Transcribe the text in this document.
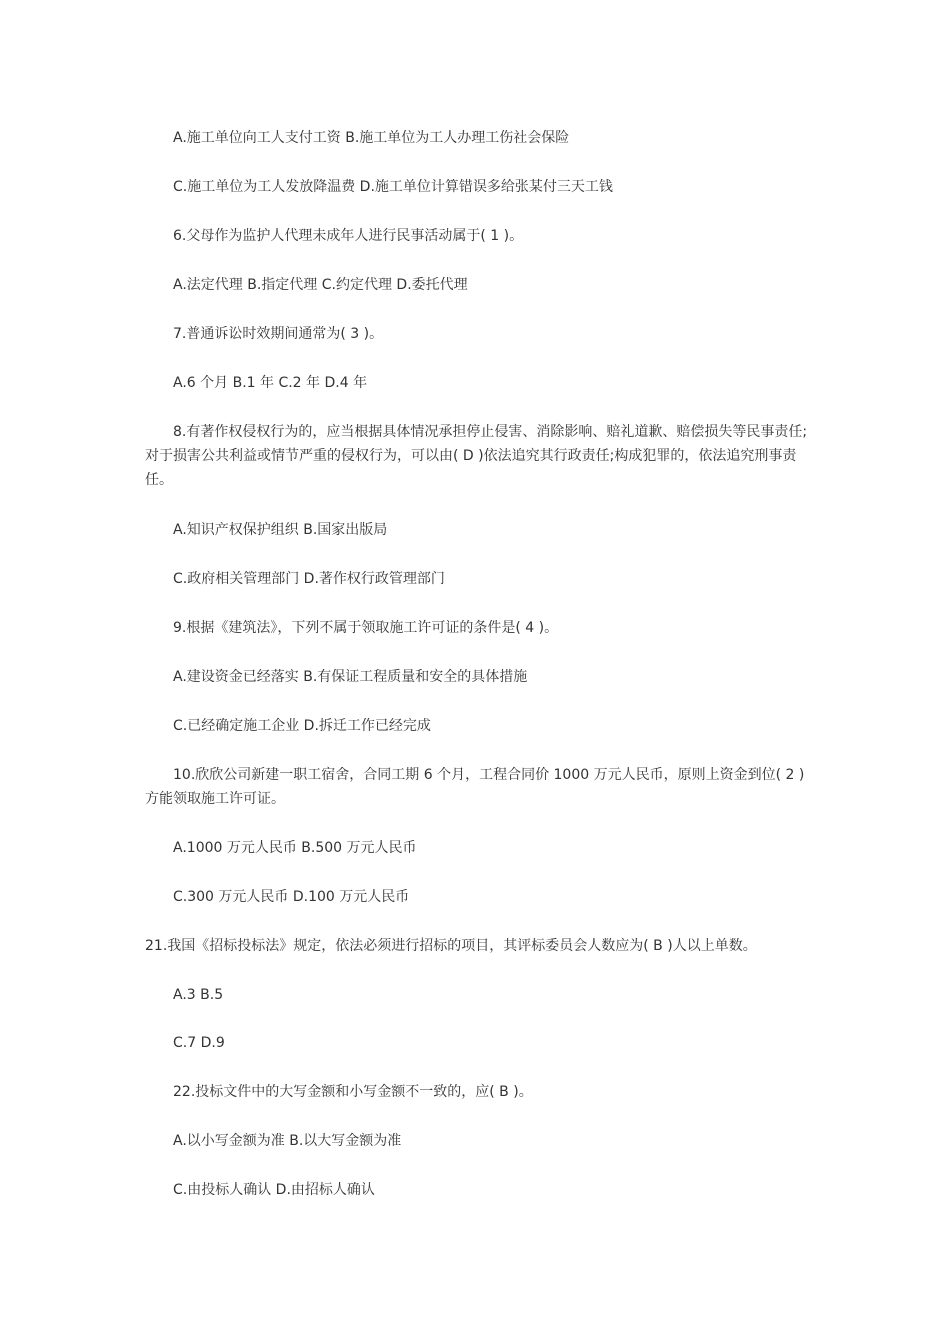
A.施工单位向工人支付工资 B.施工单位为工人办理工伤社会保险

C.施工单位为工人发放降温费 D.施工单位计算错误多给张某付三天工钱

6.父母作为监护人代理未成年人进行民事活动属于( 1 )。

A.法定代理 B.指定代理 C.约定代理 D.委托代理

7.普通诉讼时效期间通常为( 3 )。

A.6 个月 B.1 年 C.2 年 D.4 年

8.有著作权侵权行为的，应当根据具体情况承担停止侵害、消除影响、赔礼道歉、赔偿损失等民事责任;对于损害公共利益或情节严重的侵权行为，可以由( D )依法追究其行政责任;构成犯罪的，依法追究刑事责任。

A.知识产权保护组织 B.国家出版局

C.政府相关管理部门 D.著作权行政管理部门

9.根据《建筑法》，下列不属于领取施工许可证的条件是( 4 )。

A.建设资金已经落实 B.有保证工程质量和安全的具体措施

C.已经确定施工企业 D.拆迁工作已经完成

10.欣欣公司新建一职工宿舍，合同工期 6 个月，工程合同价 1000 万元人民币，原则上资金到位( 2 )方能领取施工许可证。

A.1000 万元人民币 B.500 万元人民币

C.300 万元人民币 D.100 万元人民币

21.我国《招标投标法》规定，依法必须进行招标的项目，其评标委员会人数应为( B )人以上单数。

A.3 B.5

C.7 D.9

22.投标文件中的大写金额和小写金额不一致的，应( B )。

A.以小写金额为准 B.以大写金额为准

C.由投标人确认 D.由招标人确认
